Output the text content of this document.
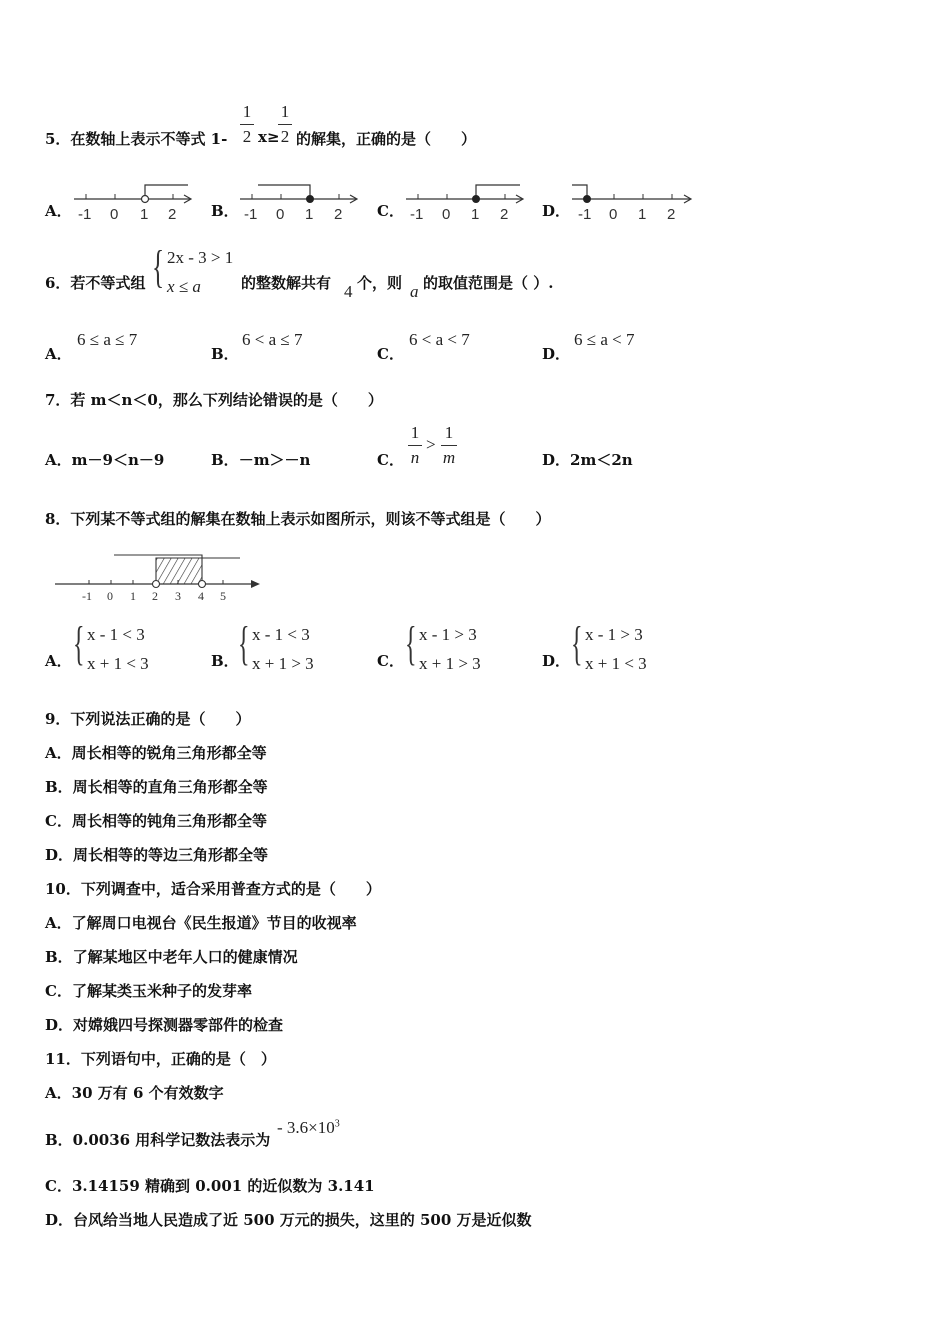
5．在数轴上表示不等式 1-
1
2 x≥
1
2 的解集，正确的是（　　）
A．	B．	C．	D．
-1 0 1 2	-1 0 1 2	-1 0 1 2	-1 0 1 2
6．若不等式组 { 2x - 3 > 1
x ≤ a	的整数解共有 4 个，则 a 的取值范围是（ ）.
A．
6 ≤ a ≤ 7
B．
6 < a ≤ 7
C．
6 < a < 7
D．
6 ≤ a < 7
7．若 m＜n＜0，那么下列结论错误的是（　　）
A．m－9＜n－9	B．－m＞－n	C．
1
n
>
1
m	D．2m＜2n
8．下列某不等式组的解集在数轴上表示如图所示，则该不等式组是（　　）
-1 0 1 2 3 4 5
A． { x - 1 < 3
x + 1 < 3	B． { x - 1 < 3
x + 1 > 3	C． { x - 1 > 3
x + 1 > 3	D． { x - 1 > 3
x + 1 < 3
9．下列说法正确的是（　　）
A．周长相等的锐角三角形都全等
B．周长相等的直角三角形都全等
C．周长相等的钝角三角形都全等
D．周长相等的等边三角形都全等
10．下列调查中，适合采用普查方式的是（　　）
A．了解周口电视台《民生报道》节目的收视率
B．了解某地区中老年人口的健康情况
C．了解某类玉米种子的发芽率
D．对嫦娥四号探测器零部件的检查
11．下列语句中，正确的是（　）
A．30 万有 6 个有效数字
B．0.0036 用科学记数法表示为
- $3.6\times 10^3$
C．3.14159 精确到 0.001 的近似数为 3.141
D．台风给当地人民造成了近 500 万元的损失，这里的 500 万是近似数
